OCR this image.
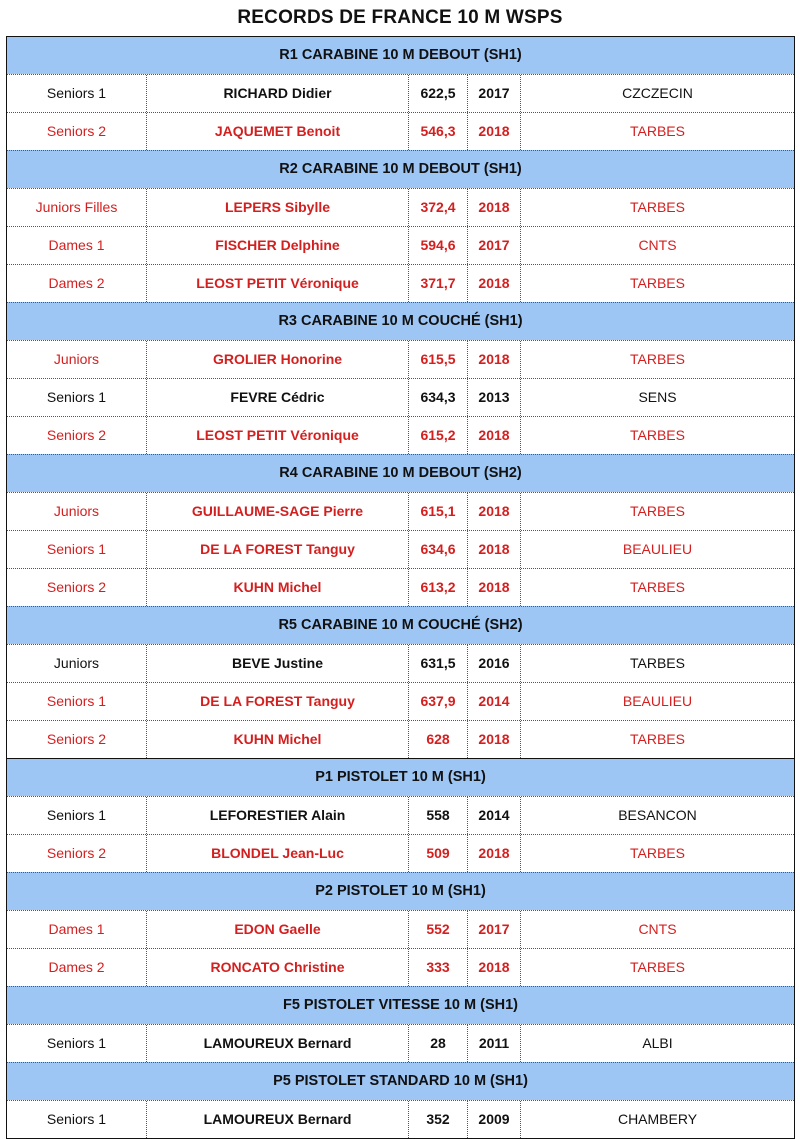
RECORDS DE FRANCE 10 M WSPS
R1 CARABINE 10 M DEBOUT (SH1)
Seniors 1	RICHARD Didier	622,5	2017	CZCZECIN
Seniors 2	JAQUEMET Benoit	546,3	2018	TARBES
R2 CARABINE 10 M DEBOUT (SH1)
Juniors Filles	LEPERS Sibylle	372,4	2018	TARBES
Dames 1	FISCHER Delphine	594,6	2017	CNTS
Dames 2	LEOST PETIT Véronique	371,7	2018	TARBES
R3 CARABINE 10 M COUCHÉ (SH1)
Juniors	GROLIER Honorine	615,5	2018	TARBES
Seniors 1	FEVRE Cédric	634,3	2013	SENS
Seniors 2	LEOST PETIT Véronique	615,2	2018	TARBES
R4 CARABINE 10 M DEBOUT (SH2)
Juniors	GUILLAUME-SAGE Pierre	615,1	2018	TARBES
Seniors 1	DE LA FOREST Tanguy	634,6	2018	BEAULIEU
Seniors 2	KUHN Michel	613,2	2018	TARBES
R5 CARABINE 10 M COUCHÉ (SH2)
Juniors	BEVE Justine	631,5	2016	TARBES
Seniors 1	DE LA FOREST Tanguy	637,9	2014	BEAULIEU
Seniors 2	KUHN Michel	628	2018	TARBES
P1 PISTOLET 10 M (SH1)
Seniors 1	LEFORESTIER Alain	558	2014	BESANCON
Seniors 2	BLONDEL Jean-Luc	509	2018	TARBES
P2 PISTOLET 10 M (SH1)
Dames 1	EDON Gaelle	552	2017	CNTS
Dames 2	RONCATO Christine	333	2018	TARBES
F5 PISTOLET VITESSE 10 M (SH1)
Seniors 1	LAMOUREUX Bernard	28	2011	ALBI
P5 PISTOLET STANDARD 10 M (SH1)
Seniors 1	LAMOUREUX Bernard	352	2009	CHAMBERY
